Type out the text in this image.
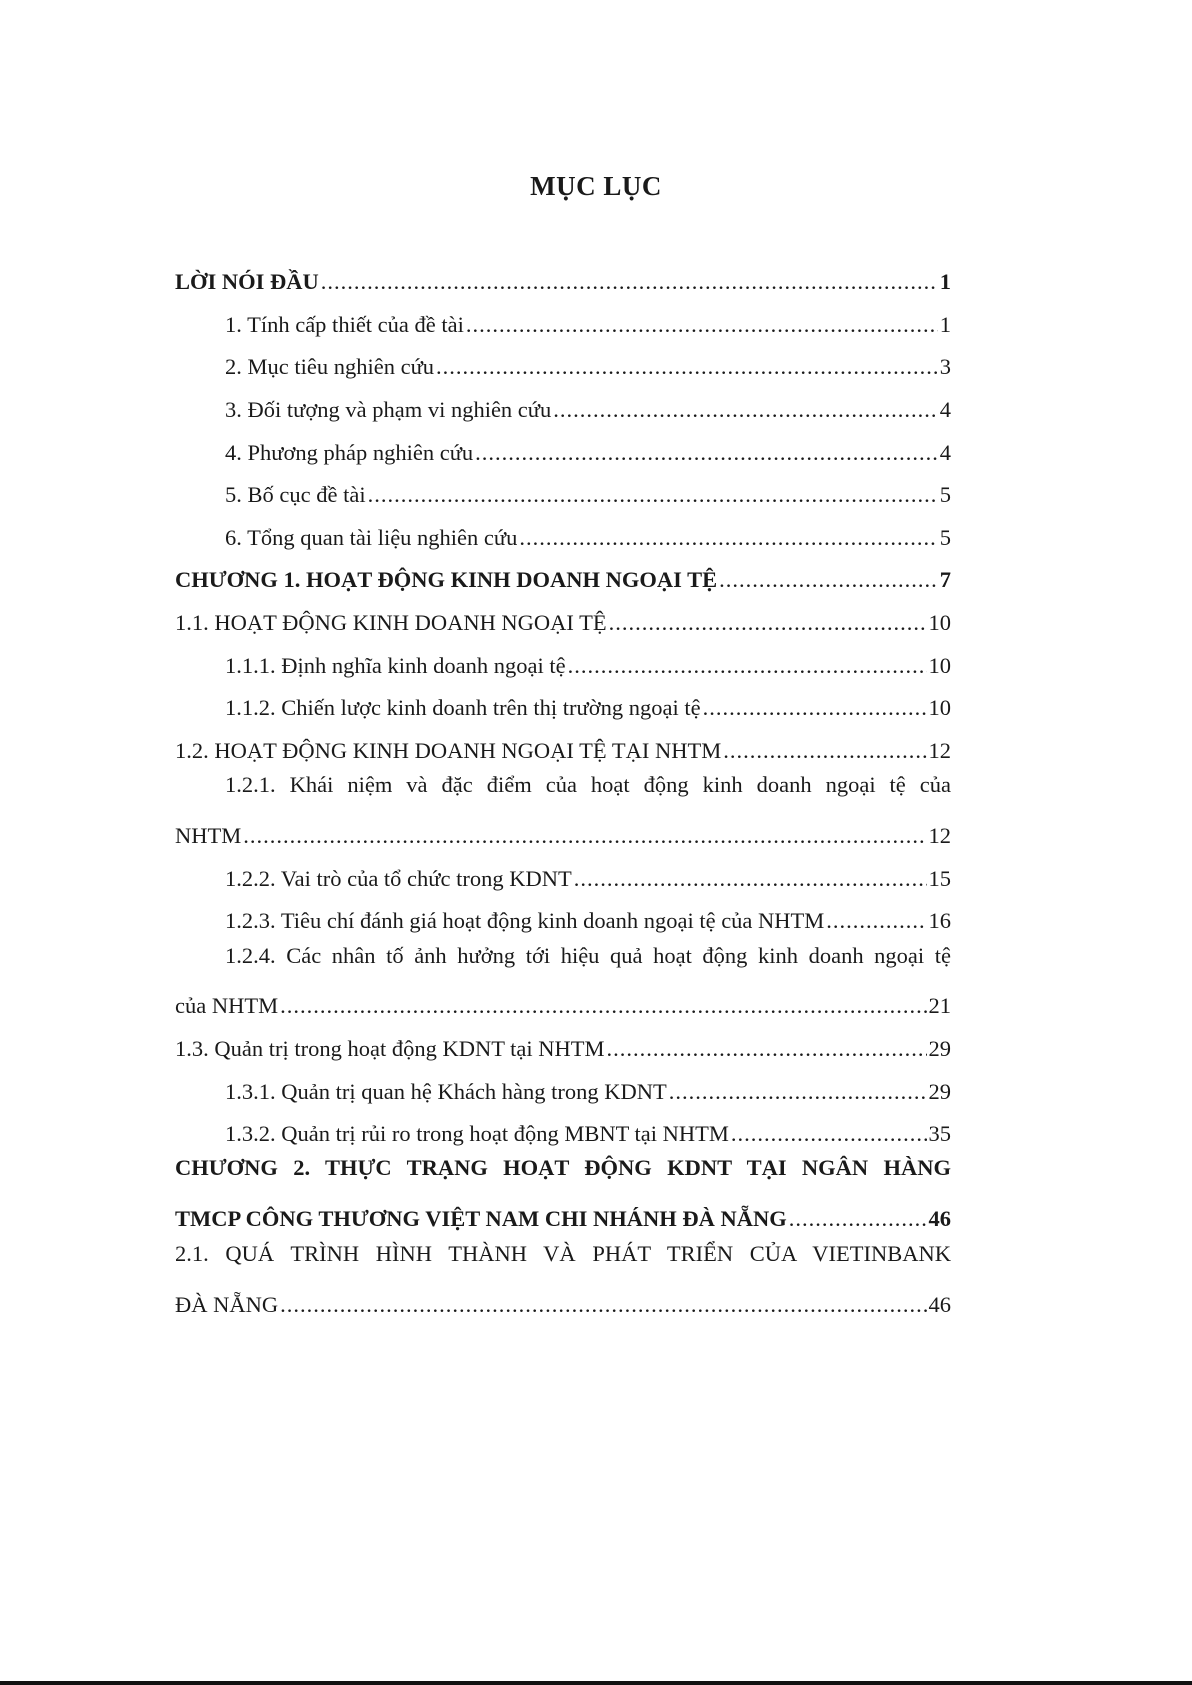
MỤC LỤC
LỜI NÓI ĐẦU .....	1
1. Tính cấp thiết của đề tài .....	1
2. Mục tiêu nghiên cứu .....	3
3. Đối tượng và phạm vi nghiên cứu .....	4
4. Phương pháp nghiên cứu .....	4
5. Bố cục đề tài .....	5
6. Tổng quan tài liệu nghiên cứu .....	5
CHƯƠNG 1. HOẠT ĐỘNG KINH DOANH NGOẠI TỆ .....	7
1.1. HOẠT ĐỘNG KINH DOANH NGOẠI TỆ .....	10
1.1.1. Định nghĩa kinh doanh ngoại tệ .....	10
1.1.2. Chiến lược kinh doanh trên thị trường ngoại tệ .....	10
1.2. HOẠT ĐỘNG KINH DOANH NGOẠI TỆ TẠI NHTM .....	12
1.2.1. Khái niệm và đặc điểm của hoạt động kinh doanh ngoại tệ của
NHTM .....	12
1.2.2. Vai trò của tổ chức trong KDNT .....	15
1.2.3. Tiêu chí đánh giá hoạt động kinh doanh ngoại tệ của NHTM .....	16
1.2.4. Các nhân tố ảnh hưởng tới hiệu quả hoạt động kinh doanh ngoại tệ
của NHTM .....	21
1.3. Quản trị trong hoạt động KDNT tại NHTM .....	29
1.3.1. Quản trị quan hệ Khách hàng trong KDNT .....	29
1.3.2. Quản trị rủi ro trong hoạt động MBNT tại NHTM .....	35
CHƯƠNG 2. THỰC TRẠNG HOẠT ĐỘNG KDNT TẠI NGÂN HÀNG
TMCP CÔNG THƯƠNG VIỆT NAM CHI NHÁNH ĐÀ NẴNG .....	46
2.1. QUÁ TRÌNH HÌNH THÀNH VÀ PHÁT TRIỂN CỦA VIETINBANK
ĐÀ NẴNG .....	46
